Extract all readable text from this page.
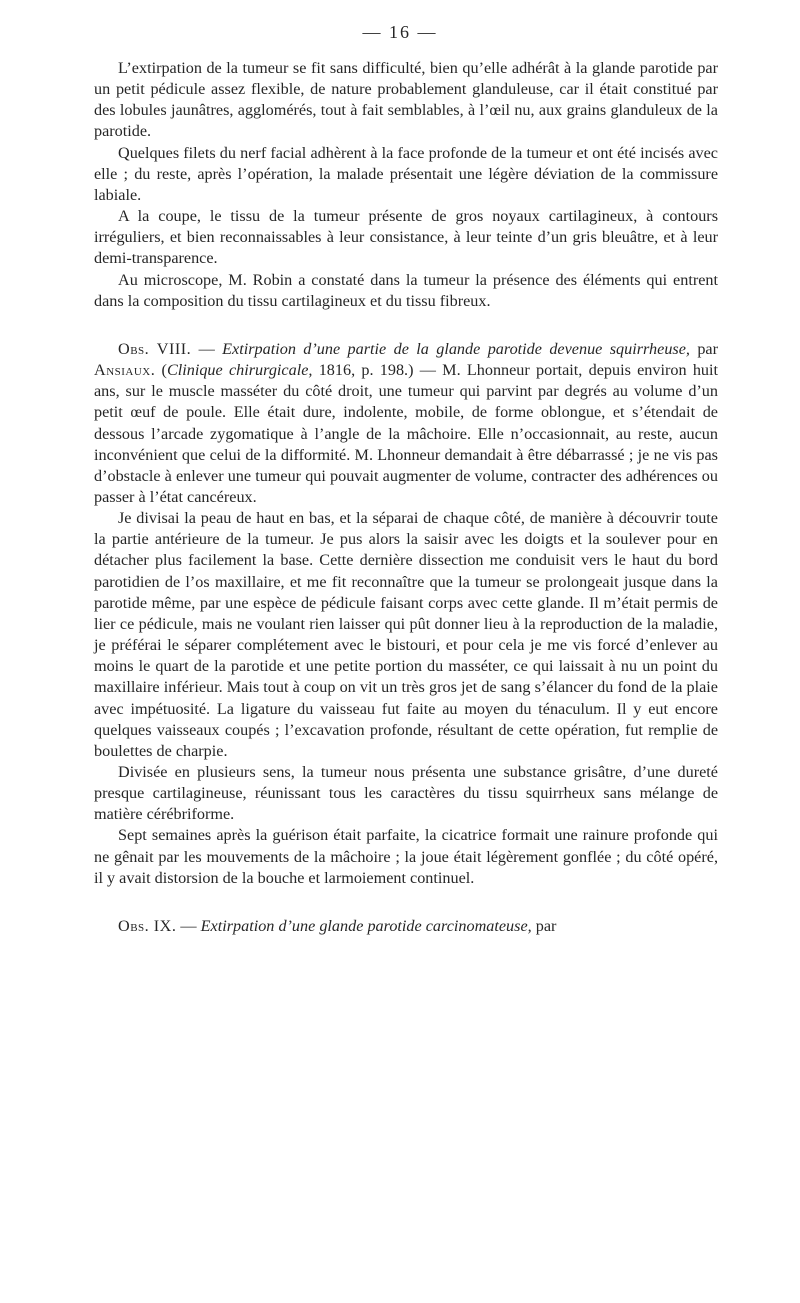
— 16 —

L’extirpation de la tumeur se fit sans difficulté, bien qu’elle adhérât à la glande parotide par un petit pédicule assez flexible, de nature probablement glanduleuse, car il était constitué par des lobules jaunâtres, agglomérés, tout à fait semblables, à l’œil nu, aux grains glanduleux de la parotide.

Quelques filets du nerf facial adhèrent à la face profonde de la tumeur et ont été incisés avec elle ; du reste, après l’opération, la malade présentait une légère déviation de la commissure labiale.

A la coupe, le tissu de la tumeur présente de gros noyaux cartilagineux, à contours irréguliers, et bien reconnaissables à leur consistance, à leur teinte d’un gris bleuâtre, et à leur demi-transparence.

Au microscope, M. Robin a constaté dans la tumeur la présence des éléments qui entrent dans la composition du tissu cartilagineux et du tissu fibreux.

Obs. VIII. — Extirpation d’une partie de la glande parotide devenue squirrheuse, par Ansiaux. (Clinique chirurgicale, 1816, p. 198.) — M. Lhonneur portait, depuis environ huit ans, sur le muscle masséter du côté droit, une tumeur qui parvint par degrés au volume d’un petit œuf de poule. Elle était dure, indolente, mobile, de forme oblongue, et s’étendait de dessous l’arcade zygomatique à l’angle de la mâchoire. Elle n’occasionnait, au reste, aucun inconvénient que celui de la difformité. M. Lhonneur demandait à être débarrassé ; je ne vis pas d’obstacle à enlever une tumeur qui pouvait augmenter de volume, contracter des adhérences ou passer à l’état cancéreux.

Je divisai la peau de haut en bas, et la séparai de chaque côté, de manière à découvrir toute la partie antérieure de la tumeur. Je pus alors la saisir avec les doigts et la soulever pour en détacher plus facilement la base. Cette dernière dissection me conduisit vers le haut du bord parotidien de l’os maxillaire, et me fit reconnaître que la tumeur se prolongeait jusque dans la parotide même, par une espèce de pédicule faisant corps avec cette glande. Il m’était permis de lier ce pédicule, mais ne voulant rien laisser qui pût donner lieu à la reproduction de la maladie, je préférai le séparer complétement avec le bistouri, et pour cela je me vis forcé d’enlever au moins le quart de la parotide et une petite portion du masséter, ce qui laissait à nu un point du maxillaire inférieur. Mais tout à coup on vit un très gros jet de sang s’élancer du fond de la plaie avec impétuosité. La ligature du vaisseau fut faite au moyen du ténaculum. Il y eut encore quelques vaisseaux coupés ; l’excavation profonde, résultant de cette opération, fut remplie de boulettes de charpie.

Divisée en plusieurs sens, la tumeur nous présenta une substance grisâtre, d’une dureté presque cartilagineuse, réunissant tous les caractères du tissu squirrheux sans mélange de matière cérébriforme.

Sept semaines après la guérison était parfaite, la cicatrice formait une rainure profonde qui ne gênait par les mouvements de la mâchoire ; la joue était légèrement gonflée ; du côté opéré, il y avait distorsion de la bouche et larmoiement continuel.

Obs. IX. — Extirpation d’une glande parotide carcinomateuse, par
